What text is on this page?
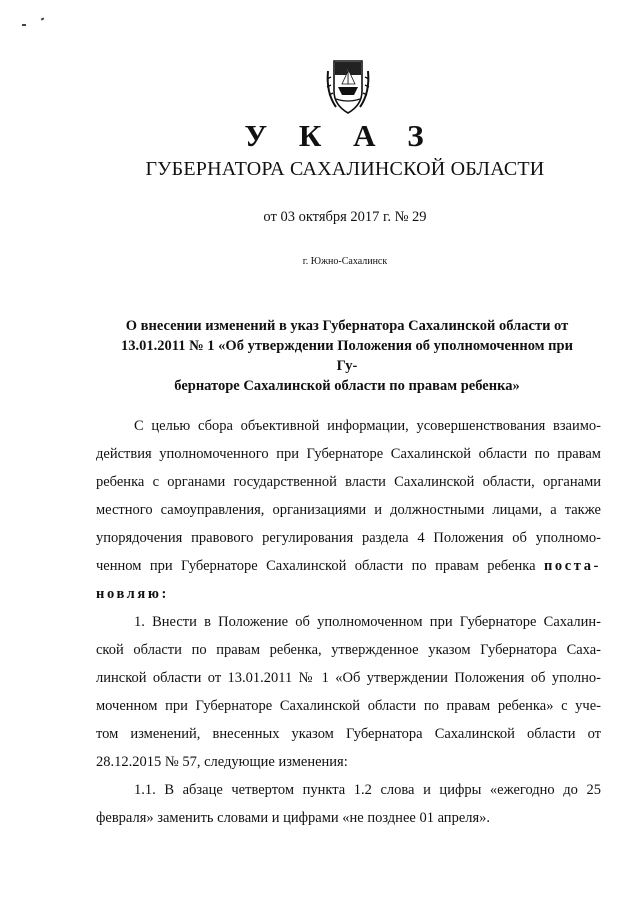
У К А З
ГУБЕРНАТОРА САХАЛИНСКОЙ ОБЛАСТИ
от 03 октября 2017 г. № 29
г. Южно-Сахалинск
О внесении изменений в указ Губернатора Сахалинской области от
13.01.2011 № 1 «Об утверждении Положения об уполномоченном при Гу-
бернаторе Сахалинской области по правам ребенка»
С целью сбора объективной информации, усовершенствования взаимо-
действия уполномоченного при Губернаторе Сахалинской области по правам
ребенка с органами государственной власти Сахалинской области, органами
местного самоуправления, организациями и должностными лицами, а также
упорядочения правового регулирования раздела 4 Положения об уполномо-
ченном при Губернаторе Сахалинской области по правам ребенка поста-
новляю:
1. Внести в Положение об уполномоченном при Губернаторе Сахалин-
ской области по правам ребенка, утвержденное указом Губернатора Саха-
линской области от 13.01.2011 № 1 «Об утверждении Положения об уполно-
моченном при Губернаторе Сахалинской области по правам ребенка» с уче-
том изменений, внесенных указом Губернатора Сахалинской области от
28.12.2015 № 57, следующие изменения:
1.1. В абзаце четвертом пункта 1.2 слова и цифры «ежегодно до 25
февраля» заменить словами и цифрами «не позднее 01 апреля».
